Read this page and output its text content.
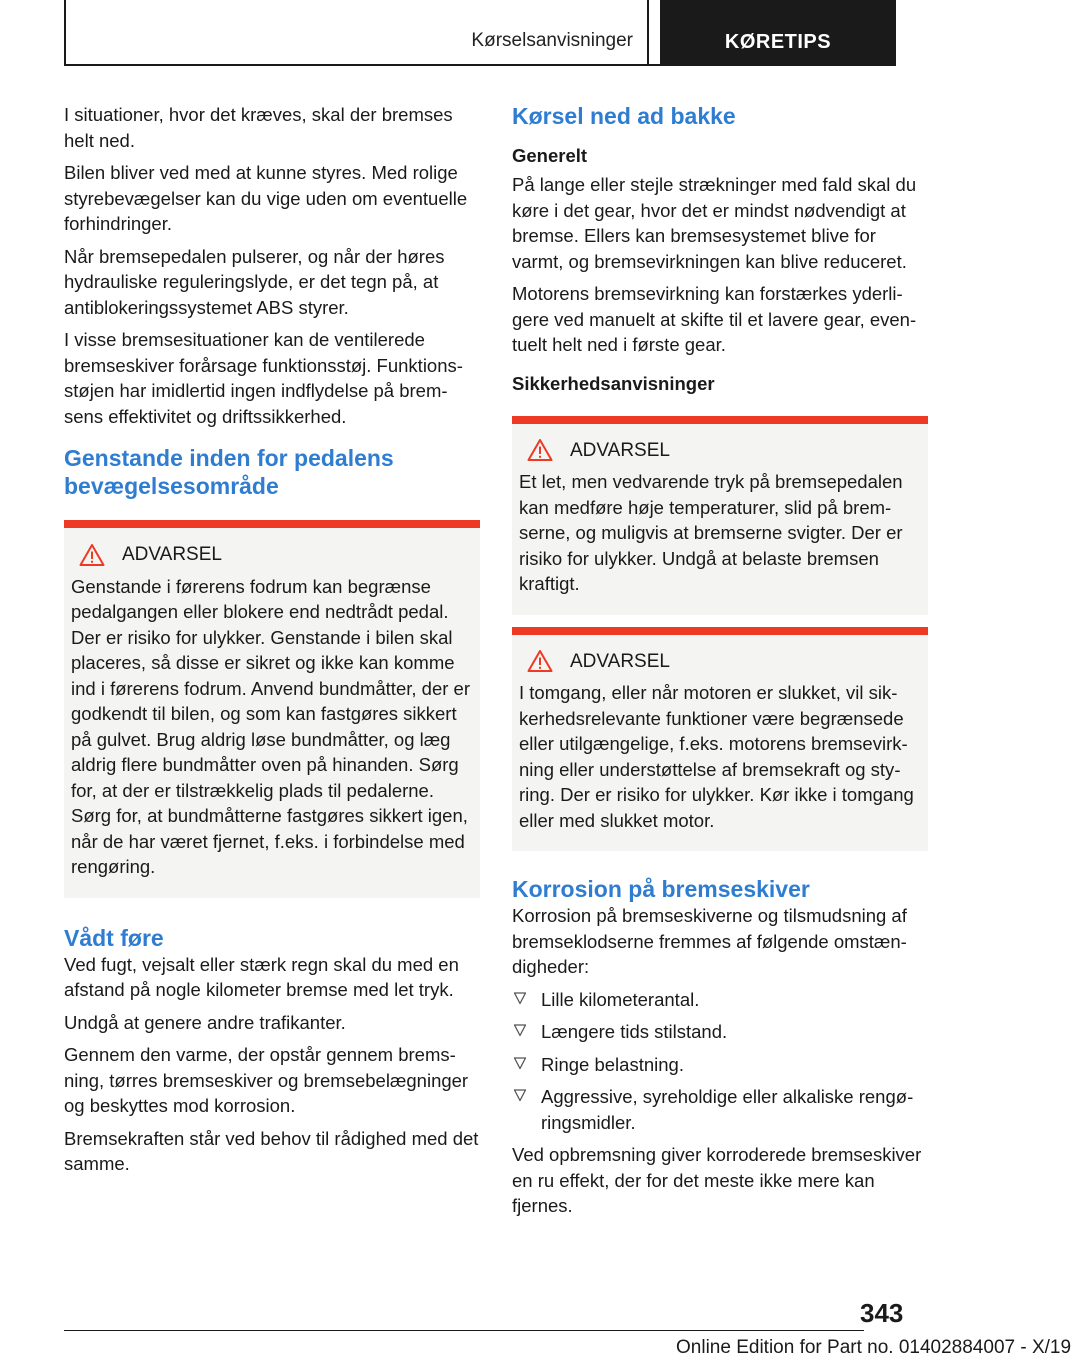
Kørselsanvisninger	KØRETIPS

I situationer, hvor det kræves, skal der bremses helt ned.

Bilen bliver ved med at kunne styres. Med rolige styrebevægelser kan du vige uden om eventuelle forhindringer.

Når bremsepedalen pulserer, og når der høres hydrauliske reguleringslyde, er det tegn på, at antiblokeringssystemet ABS styrer.

I visse bremsesituationer kan de ventilerede bremseskiver forårsage funktionsstøj. Funktionsstøjen har imidlertid ingen indflydelse på bremsens effektivitet og driftssikkerhed.

Genstande inden for pedalens bevægelsesområde
ADVARSEL
Genstande i førerens fodrum kan begrænse pedalgangen eller blokere end nedtrådt pedal. Der er risiko for ulykker. Genstande i bilen skal placeres, så disse er sikret og ikke kan komme ind i førerens fodrum. Anvend bundmåtter, der er godkendt til bilen, og som kan fastgøres sikkert på gulvet. Brug aldrig løse bundmåtter, og læg aldrig flere bundmåtter oven på hinanden. Sørg for, at der er tilstrækkelig plads til pedalerne. Sørg for, at bundmåtterne fastgøres sikkert igen, når de har været fjernet, f.eks. i forbindelse med rengøring.
Vådt føre

Ved fugt, vejsalt eller stærk regn skal du med en afstand på nogle kilometer bremse med let tryk.

Undgå at genere andre trafikanter.

Gennem den varme, der opstår gennem bremsning, tørres bremseskiver og bremsebelægninger og beskyttes mod korrosion.

Bremsekraften står ved behov til rådighed med det samme.

Kørsel ned ad bakke
Generelt

På lange eller stejle strækninger med fald skal du køre i det gear, hvor det er mindst nødvendigt at bremse. Ellers kan bremsesystemet blive for varmt, og bremsevirkningen kan blive reduceret.

Motorens bremsevirkning kan forstærkes yderligere ved manuelt at skifte til et lavere gear, eventuelt helt ned i første gear.

Sikkerhedsanvisninger
ADVARSEL
Et let, men vedvarende tryk på bremsepedalen kan medføre høje temperaturer, slid på bremserne, og muligvis at bremserne svigter. Der er risiko for ulykker. Undgå at belaste bremsen kraftigt.
ADVARSEL
I tomgang, eller når motoren er slukket, vil sikkerhedsrelevante funktioner være begrænsede eller utilgængelige, f.eks. motorens bremsevirkning eller understøttelse af bremsekraft og styring. Der er risiko for ulykker. Kør ikke i tomgang eller med slukket motor.
Korrosion på bremseskiver

Korrosion på bremseskiverne og tilsmudsning af bremseklodserne fremmes af følgende omstændigheder:

Lille kilometerantal.
Længere tids stilstand.
Ringe belastning.
Aggressive, syreholdige eller alkaliske rengøringsmidler.

Ved opbremsning giver korroderede bremseskiver en ru effekt, der for det meste ikke mere kan fjernes.

343
Online Edition for Part no. 01402884007 - X/19
